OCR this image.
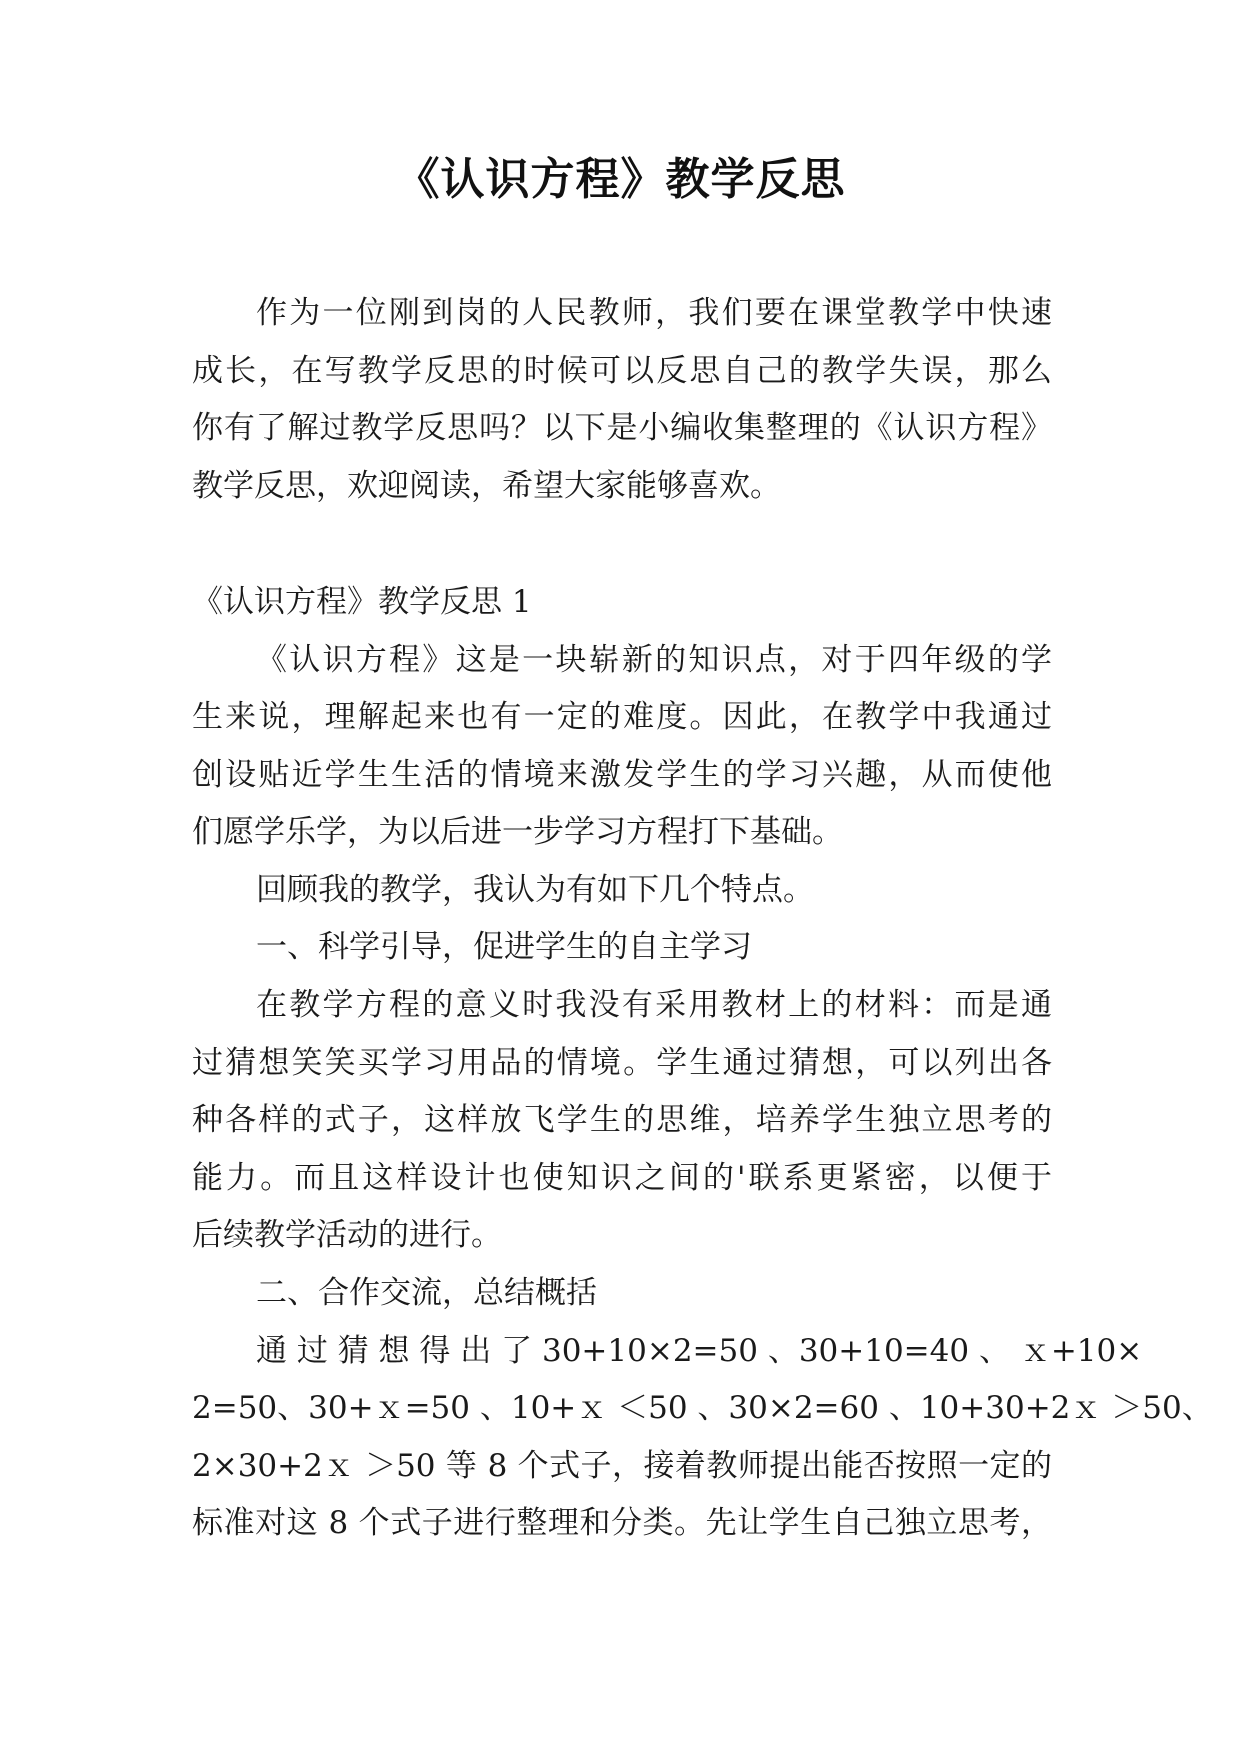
《认识方程》教学反思
作为一位刚到岗的人民教师，我们要在课堂教学中快速
成长，在写教学反思的时候可以反思自己的教学失误，那么
你有了解过教学反思吗？以下是小编收集整理的《认识方程》
教学反思，欢迎阅读，希望大家能够喜欢。
《认识方程》教学反思 1
《认识方程》这是一块崭新的知识点，对于四年级的学
生来说，理解起来也有一定的难度。因此，在教学中我通过
创设贴近学生生活的情境来激发学生的学习兴趣，从而使他
们愿学乐学，为以后进一步学习方程打下基础。
回顾我的教学，我认为有如下几个特点。
一、科学引导，促进学生的自主学习
在教学方程的意义时我没有采用教材上的材料：而是通
过猜想笑笑买学习用品的情境。学生通过猜想，可以列出各
种各样的式子，这样放飞学生的思维，培养学生独立思考的
能力。而且这样设计也使知识之间的'联系更紧密，以便于
后续教学活动的进行。
二、合作交流，总结概括
通 过 猜 想 得 出 了 30+10×2=50 、30+10=40 、 ｘ+10×
2=50、30+ｘ=50 、10+ｘ ＜50 、30×2=60 、10+30+2ｘ ＞50、
2×30+2ｘ ＞50 等 8 个式子，接着教师提出能否按照一定的
标准对这 8 个式子进行整理和分类。先让学生自己独立思考，
